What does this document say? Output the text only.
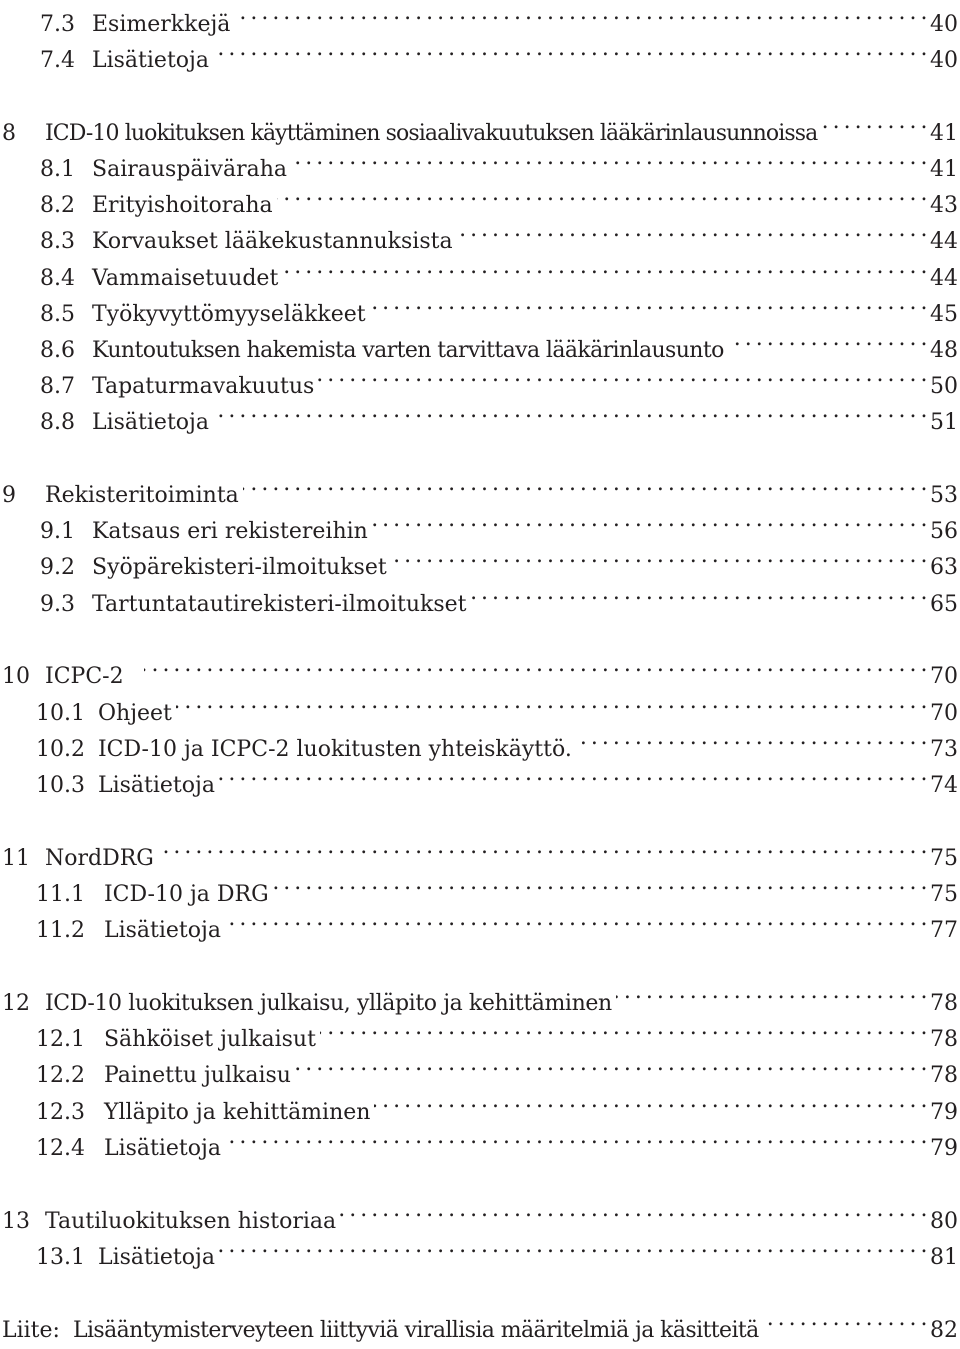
7.3 Esimerkkejä . . .	40
7.4 Lisätietoja . . .	40
8 ICD-10 luokituksen käyttäminen sosiaalivakuutuksen lääkärinlausunnoissa . . .	41
8.1 Sairauspäiväraha . . .	41
8.2 Erityishoitoraha . . .	43
8.3 Korvaukset lääkekustannuksista . . .	44
8.4 Vammaisetuudet . . .	44
8.5 Työkyvyttömyyseläkkeet . . .	45
8.6 Kuntoutuksen hakemista varten tarvittava lääkärinlausunto . . .	48
8.7 Tapaturmavakuutus . . .	50
8.8 Lisätietoja . . .	51
9 Rekisteritoiminta . . .	53
9.1 Katsaus eri rekistereihin . . .	56
9.2 Syöpärekisteri-ilmoitukset . . .	63
9.3 Tartuntatautirekisteri-ilmoitukset . . .	65
10 ICPC-2 . . .	70
10.1 Ohjeet . . .	70
10.2 ICD-10 ja ICPC-2 luokitusten yhteiskäyttö. . . .	73
10.3 Lisätietoja . . .	74
11 NordDRG . . .	75
11.1 ICD-10 ja DRG . . .	75
11.2 Lisätietoja . . .	77
12 ICD-10 luokituksen julkaisu, ylläpito ja kehittäminen . . .	78
12.1 Sähköiset julkaisut . . .	78
12.2 Painettu julkaisu . . .	78
12.3 Ylläpito ja kehittäminen . . .	79
12.4 Lisätietoja . . .	79
13 Tautiluokituksen historiaa . . .	80
13.1 Lisätietoja . . .	81
Liite: Lisääntymisterveyteen liittyviä virallisia määritelmiä ja käsitteitä . . .	82
